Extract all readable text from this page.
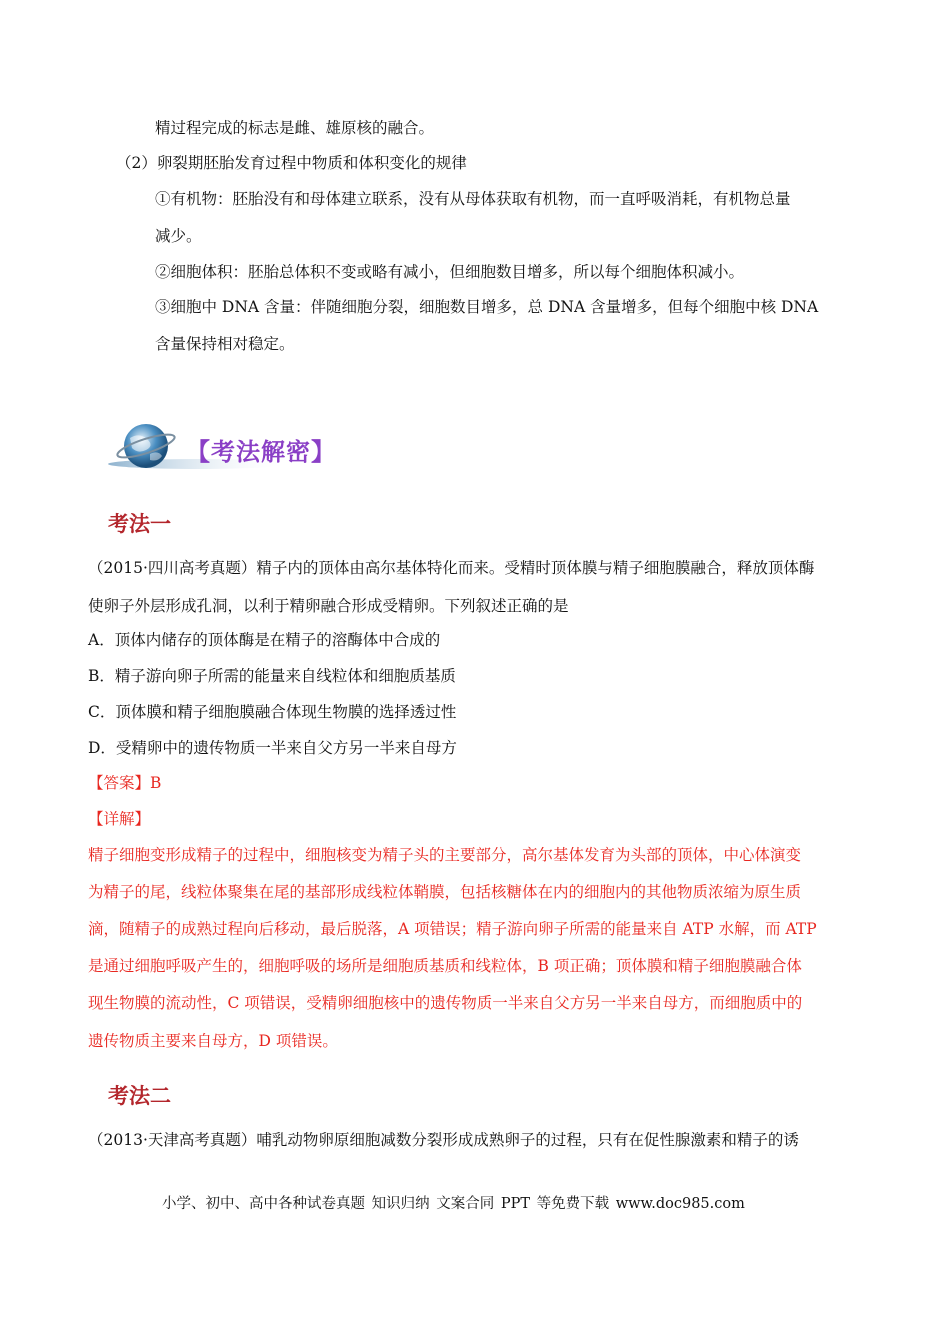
精过程完成的标志是雌、雄原核的融合。
（2）卵裂期胚胎发育过程中物质和体积变化的规律
①有机物：胚胎没有和母体建立联系，没有从母体获取有机物，而一直呼吸消耗，有机物总量
减少。
②细胞体积：胚胎总体积不变或略有减小，但细胞数目增多，所以每个细胞体积减小。
③细胞中 DNA 含量：伴随细胞分裂，细胞数目增多，总 DNA 含量增多，但每个细胞中核 DNA
含量保持相对稳定。
【考法解密】
考法一
（2015·四川高考真题）精子内的顶体由高尔基体特化而来。受精时顶体膜与精子细胞膜融合，释放顶体酶
使卵子外层形成孔洞，以利于精卵融合形成受精卵。下列叙述正确的是
A．顶体内储存的顶体酶是在精子的溶酶体中合成的
B．精子游向卵子所需的能量来自线粒体和细胞质基质
C．顶体膜和精子细胞膜融合体现生物膜的选择透过性
D．受精卵中的遗传物质一半来自父方另一半来自母方
【答案】B
【详解】
精子细胞变形成精子的过程中，细胞核变为精子头的主要部分，高尔基体发育为头部的顶体，中心体演变
为精子的尾，线粒体聚集在尾的基部形成线粒体鞘膜，包括核糖体在内的细胞内的其他物质浓缩为原生质
滴，随精子的成熟过程向后移动，最后脱落，A 项错误；精子游向卵子所需的能量来自 ATP 水解，而 ATP
是通过细胞呼吸产生的，细胞呼吸的场所是细胞质基质和线粒体，B 项正确；顶体膜和精子细胞膜融合体
现生物膜的流动性，C 项错误，受精卵细胞核中的遗传物质一半来自父方另一半来自母方，而细胞质中的
遗传物质主要来自母方，D 项错误。
考法二
（2013·天津高考真题）哺乳动物卵原细胞减数分裂形成成熟卵子的过程，只有在促性腺激素和精子的诱
小学、初中、高中各种试卷真题 知识归纳 文案合同 PPT 等免费下载 www.doc985.com
